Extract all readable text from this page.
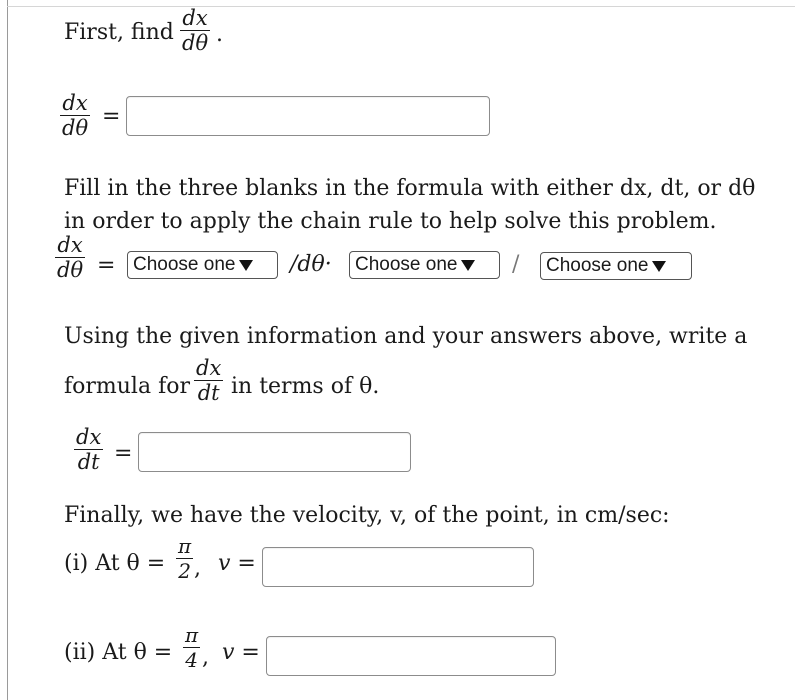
First, find
dx
dθ .
dx
dθ =
Fill in the three blanks in the formula with either dx, dt, or dθ
in order to apply the chain rule to help solve this problem.
dx
dθ = Choose one /dθ· Choose one / Choose one
Using the given information and your answers above, write a
formula for
dx
dt in terms of θ.
dx
dt =
Finally, we have the velocity, v, of the point, in cm/sec:
(i) At θ =
π
2 , v =
(ii) At θ =
π
4 , v =
